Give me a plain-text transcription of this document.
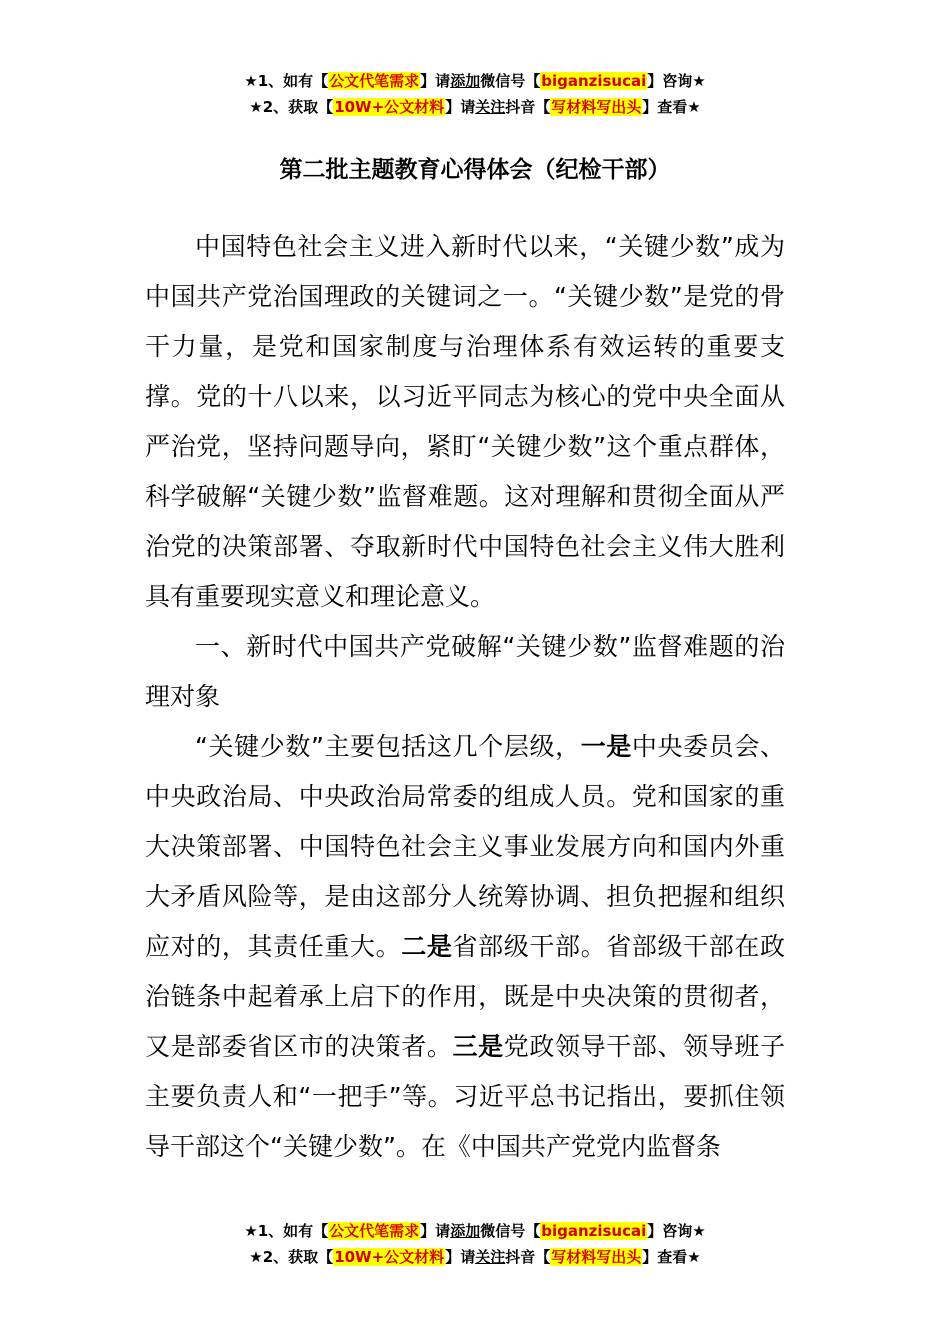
★1、如有【公文代笔需求】请添加微信号【biganzisucai】咨询★
★2、获取【10W+公文材料】请关注抖音【写材料写出头】查看★
第二批主题教育心得体会（纪检干部）

中国特色社会主义进入新时代以来，“关键少数”成为中国共产党治国理政的关键词之一。“关键少数”是党的骨干力量，是党和国家制度与治理体系有效运转的重要支撑。党的十八以来，以习近平同志为核心的党中央全面从严治党，坚持问题导向，紧盯“关键少数”这个重点群体，科学破解“关键少数”监督难题。这对理解和贯彻全面从严治党的决策部署、夺取新时代中国特色社会主义伟大胜利具有重要现实意义和理论意义。

一、新时代中国共产党破解“关键少数”监督难题的治理对象

“关键少数”主要包括这几个层级，一是中央委员会、中央政治局、中央政治局常委的组成人员。党和国家的重大决策部署、中国特色社会主义事业发展方向和国内外重大矛盾风险等，是由这部分人统筹协调、担负把握和组织应对的，其责任重大。二是省部级干部。省部级干部在政治链条中起着承上启下的作用，既是中央决策的贯彻者，又是部委省区市的决策者。三是党政领导干部、领导班子主要负责人和“一把手”等。习近平总书记指出，要抓住领导干部这个“关键少数”。在《中国共产党党内监督条

★1、如有【公文代笔需求】请添加微信号【biganzisucai】咨询★
★2、获取【10W+公文材料】请关注抖音【写材料写出头】查看★
